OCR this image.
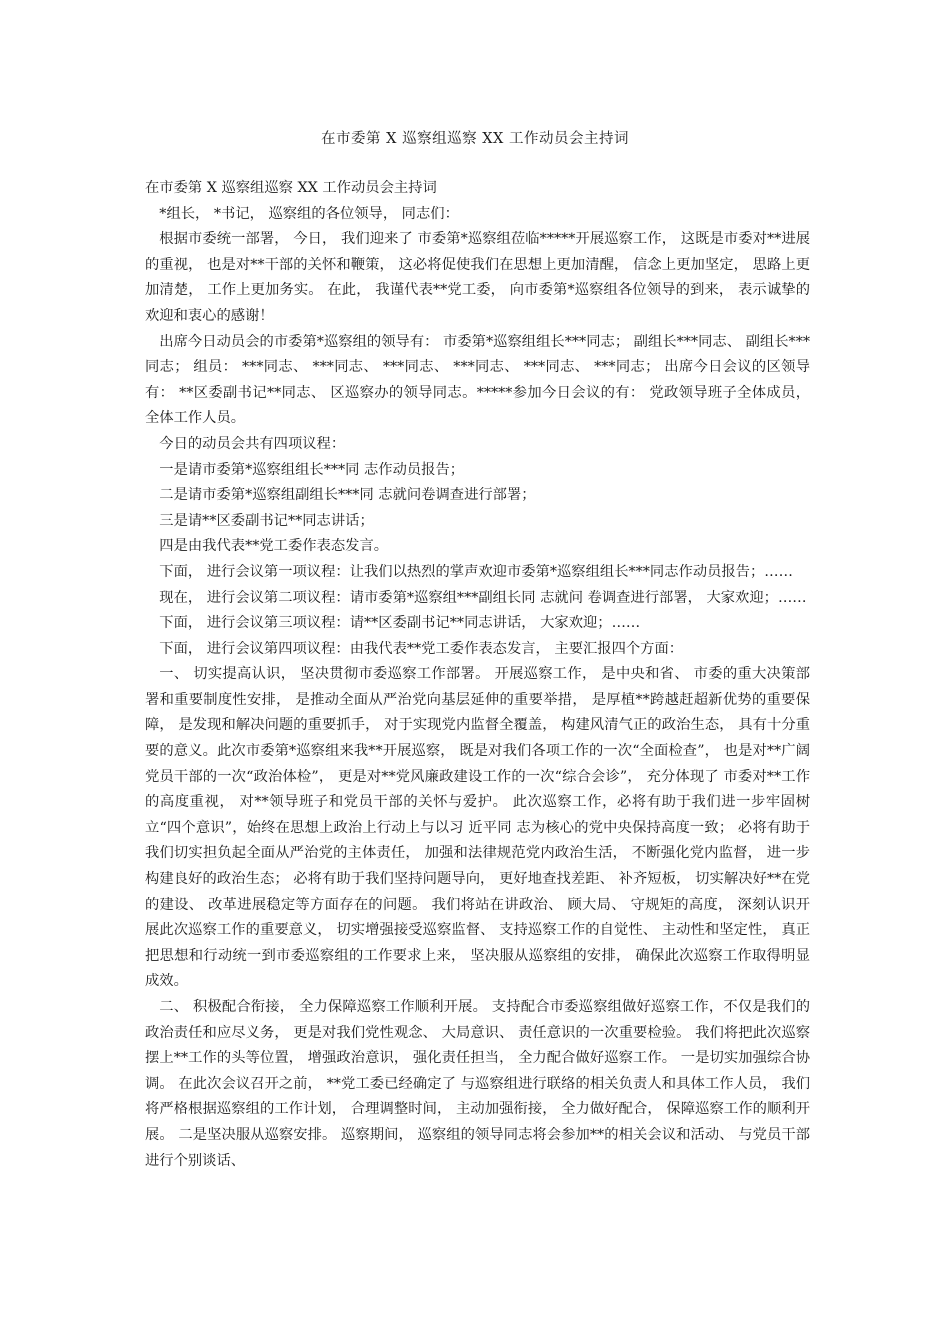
在市委第 X 巡察组巡察 XX 工作动员会主持词

在市委第 X 巡察组巡察 XX 工作动员会主持词

*组长， *书记， 巡察组的各位领导， 同志们：

根据市委统一部署， 今日， 我们迎来了 市委第*巡察组莅临*****开展巡察工作， 这既是市委对**进展的重视， 也是对**干部的关怀和鞭策， 这必将促使我们在思想上更加清醒， 信念上更加坚定， 思路上更加清楚， 工作上更加务实。 在此， 我谨代表**党工委， 向市委第*巡察组各位领导的到来， 表示诚挚的欢迎和衷心的感谢！

出席今日动员会的市委第*巡察组的领导有： 市委第*巡察组组长***同志； 副组长***同志、 副组长***同志； 组员： ***同志、 ***同志、 ***同志、 ***同志、 ***同志、 ***同志； 出席今日会议的区领导有： **区委副书记**同志、 区巡察办的领导同志。*****参加今日会议的有： 党政领导班子全体成员， 全体工作人员。

今日的动员会共有四项议程：

一是请市委第*巡察组组长***同 志作动员报告；

二是请市委第*巡察组副组长***同 志就问卷调查进行部署；

三是请**区委副书记**同志讲话；

四是由我代表**党工委作表态发言。

下面， 进行会议第一项议程：让我们以热烈的掌声欢迎市委第*巡察组组长***同志作动员报告；……

现在， 进行会议第二项议程：请市委第*巡察组***副组长同 志就问 卷调查进行部署， 大家欢迎；……

下面， 进行会议第三项议程：请**区委副书记**同志讲话， 大家欢迎；……

下面， 进行会议第四项议程：由我代表**党工委作表态发言， 主要汇报四个方面：

一、 切实提高认识， 坚决贯彻市委巡察工作部署。 开展巡察工作， 是中央和省、 市委的重大决策部署和重要制度性安排， 是推动全面从严治党向基层延伸的重要举措， 是厚植**跨越赶超新优势的重要保障， 是发现和解决问题的重要抓手， 对于实现党内监督全覆盖， 构建风清气正的政治生态， 具有十分重要的意义。此次市委第*巡察组来我**开展巡察， 既是对我们各项工作的一次“全面检查”， 也是对**广阔党员干部的一次“政治体检”， 更是对**党风廉政建设工作的一次“综合会诊”， 充分体现了 市委对**工作的高度重视， 对**领导班子和党员干部的关怀与爱护。 此次巡察工作，必将有助于我们进一步牢固树立“四个意识”，始终在思想上政治上行动上与以习 近平同 志为核心的党中央保持高度一致； 必将有助于我们切实担负起全面从严治党的主体责任， 加强和法律规范党内政治生活， 不断强化党内监督， 进一步构建良好的政治生态； 必将有助于我们坚持问题导向， 更好地查找差距、 补齐短板， 切实解决好**在党的建设、 改革进展稳定等方面存在的问题。 我们将站在讲政治、 顾大局、 守规矩的高度， 深刻认识开展此次巡察工作的重要意义， 切实增强接受巡察监督、 支持巡察工作的自觉性、 主动性和坚定性， 真正把思想和行动统一到市委巡察组的工作要求上来， 坚决服从巡察组的安排， 确保此次巡察工作取得明显成效。

二、 积极配合衔接， 全力保障巡察工作顺利开展。 支持配合市委巡察组做好巡察工作，不仅是我们的政治责任和应尽义务， 更是对我们党性观念、 大局意识、 责任意识的一次重要检验。 我们将把此次巡察摆上**工作的头等位置， 增强政治意识， 强化责任担当， 全力配合做好巡察工作。 一是切实加强综合协调。 在此次会议召开之前， **党工委已经确定了 与巡察组进行联络的相关负责人和具体工作人员， 我们将严格根据巡察组的工作计划， 合理调整时间， 主动加强衔接， 全力做好配合， 保障巡察工作的顺利开展。 二是坚决服从巡察安排。 巡察期间， 巡察组的领导同志将会参加**的相关会议和活动、 与党员干部进行个别谈话、
